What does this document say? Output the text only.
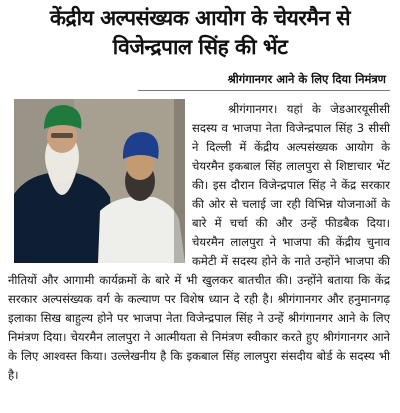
केंद्रीय अल्पसंख्यक आयोग के चेयरमैन से
विजेन्द्रपाल सिंह की भेंट
श्रीगंगानगर आने के लिए दिया निमंत्रण

श्रीगंगानगर। यहां के जेडआरयूसीसी सदस्य व भाजपा नेता विजेन्द्रपाल सिंह 3 सीसी ने दिल्ली में केंद्रीय अल्पसंख्यक आयोग के चेयरमैन इकबाल सिंह लालपुरा से शिष्टाचार भेंट की। इस दौरान विजेन्द्रपाल सिंह ने केंद्र सरकार की ओर से चलाई जा रही विभिन्न योजनाओं के बारे में चर्चा की और उन्हें फीडबैक दिया। चेयरमैन लालपुरा ने भाजपा की केंद्रीय चुनाव कमेटी में सदस्य होने के नाते उन्होंने भाजपा की नीतियों और आगामी कार्यक्रमों के बारे में भी खुलकर बातचीत की। उन्होंने बताया कि केंद्र सरकार अल्पसंख्यक वर्ग के कल्याण पर विशेष ध्यान दे रही है। श्रीगंगानगर और हनुमानगढ़ इलाका सिख बाहुल्य होने पर भाजपा नेता विजेन्द्रपाल सिंह ने उन्हें श्रीगंगानगर आने के लिए निमंत्रण दिया। चेयरमैन लालपुरा ने आत्मीयता से निमंत्रण स्वीकार करते हुए श्रीगंगानगर आने के लिए आश्वस्त किया। उल्लेखनीय है कि इकबाल सिंह लालपुरा संसदीय बोर्ड के सदस्य भी है।
